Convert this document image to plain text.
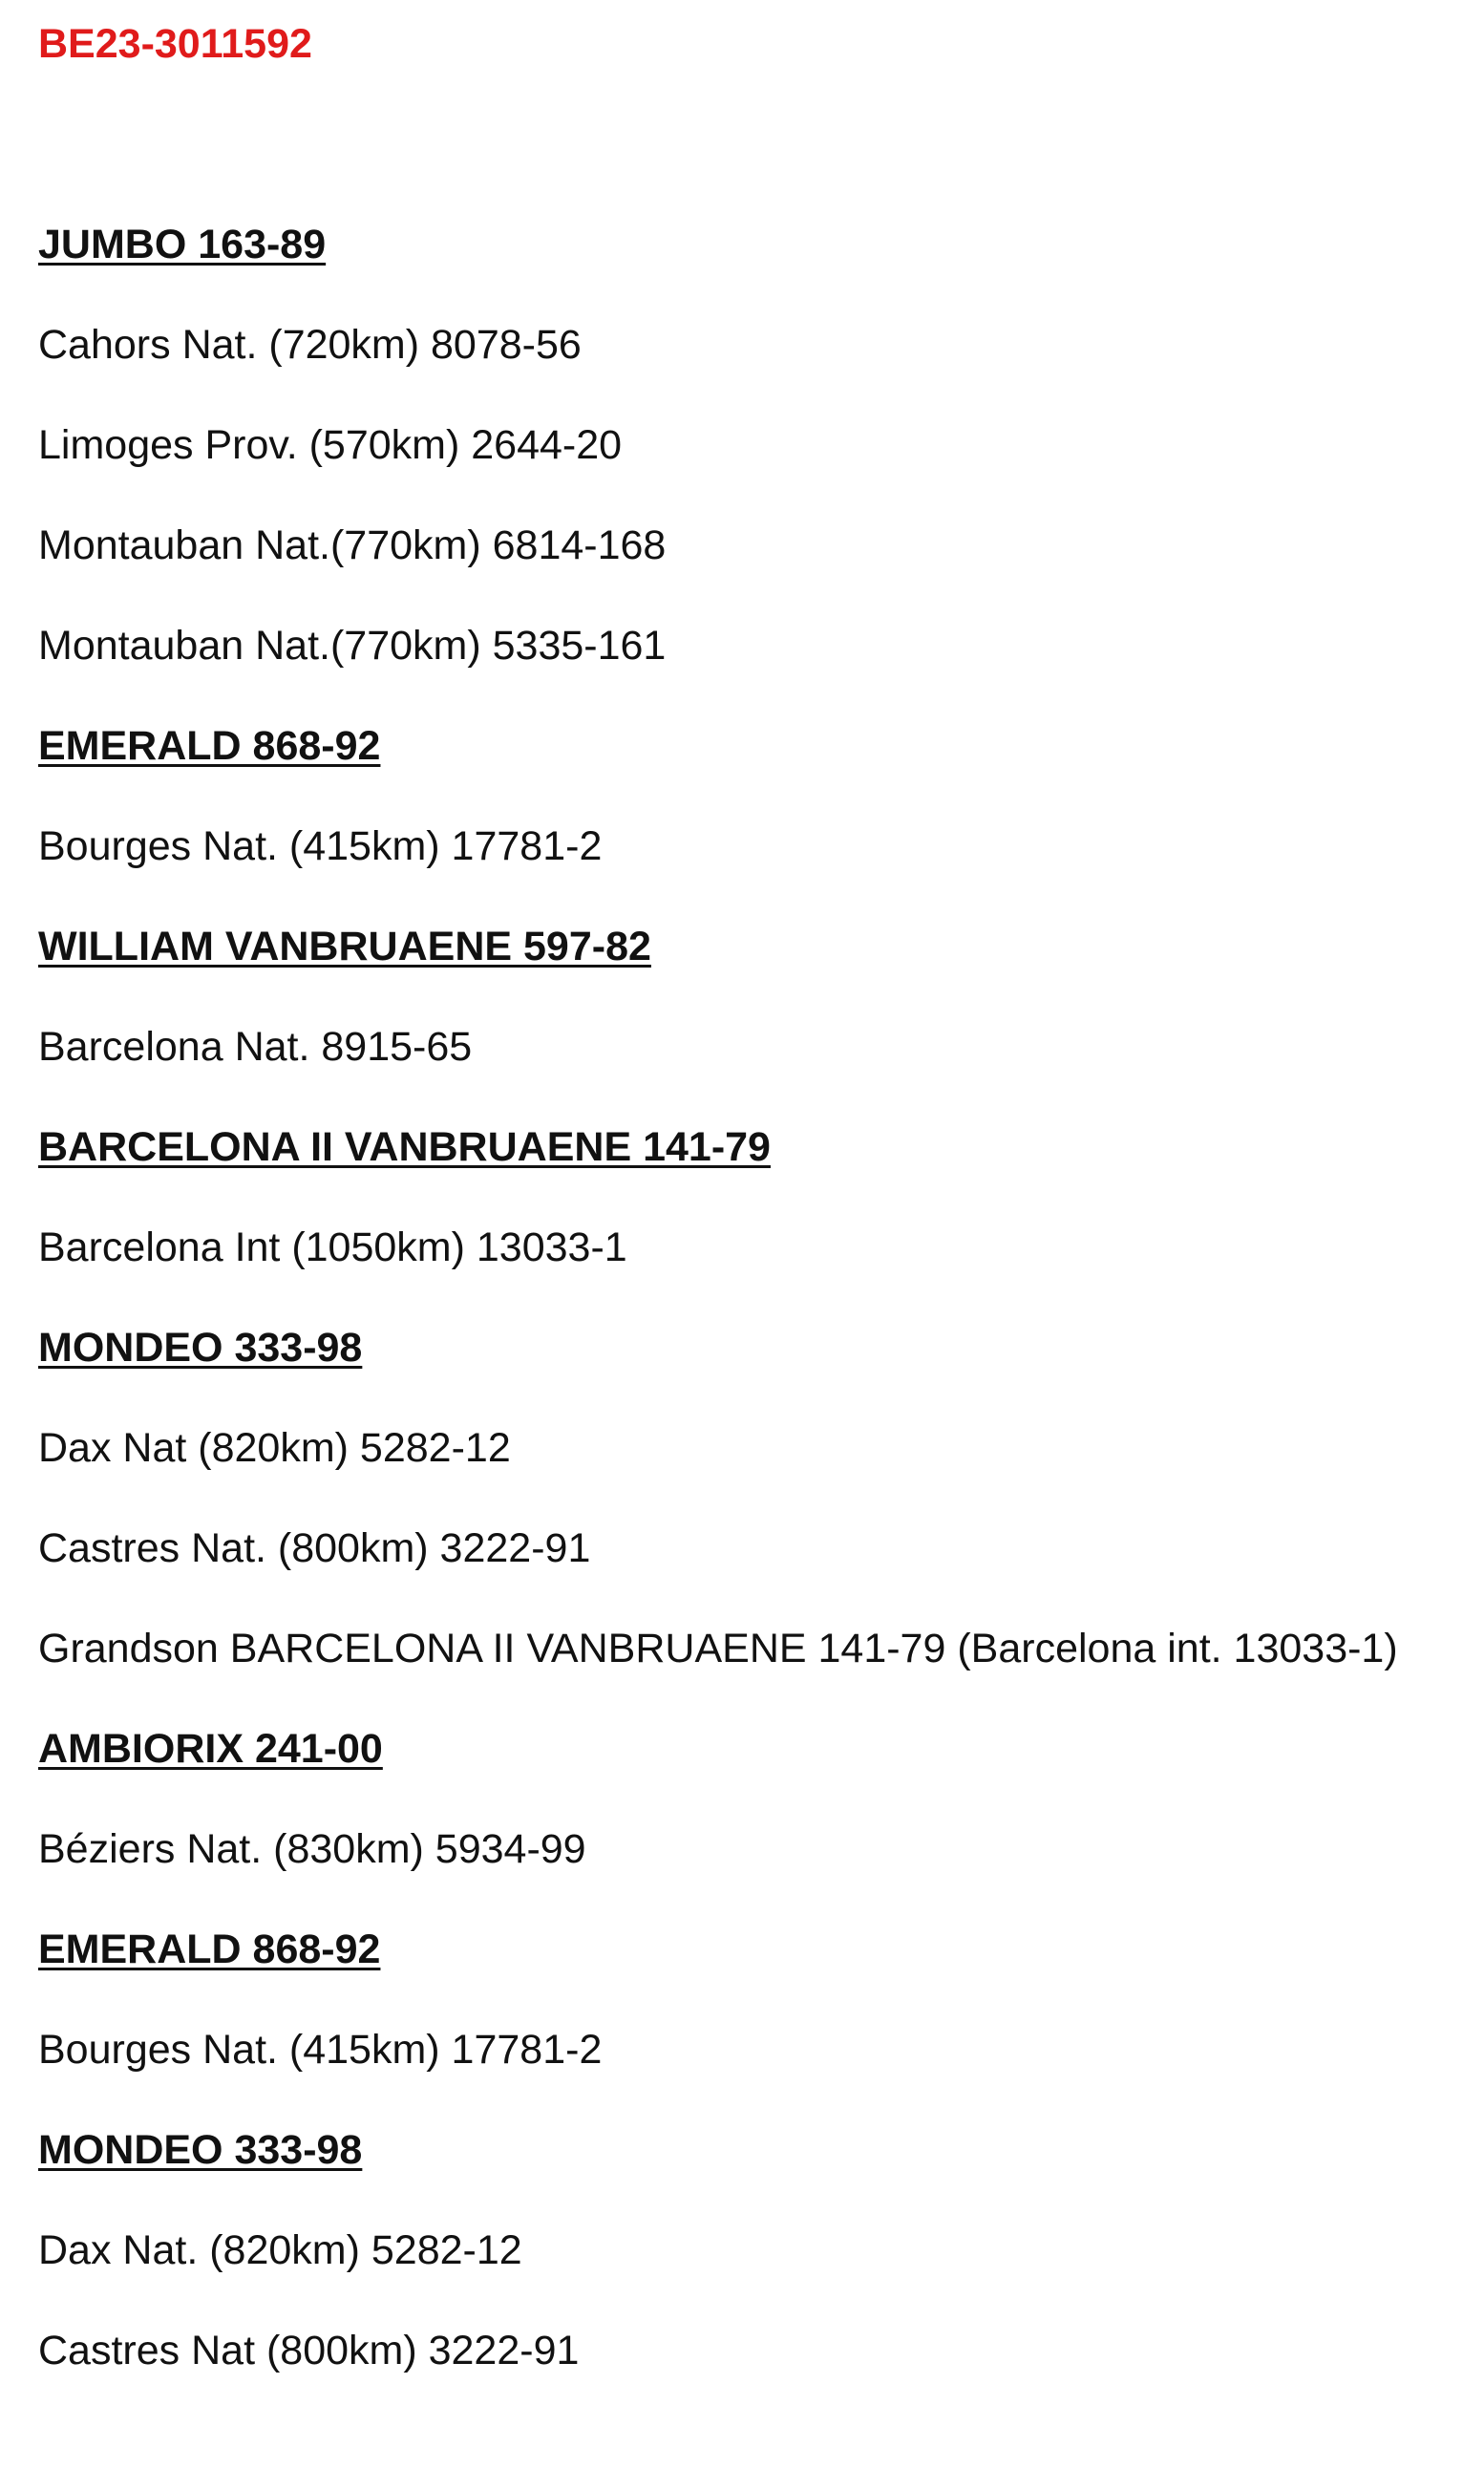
BE23-3011592
JUMBO 163-89
Cahors Nat. (720km) 8078-56
Limoges Prov. (570km) 2644-20
Montauban Nat.(770km) 6814-168
Montauban Nat.(770km) 5335-161
EMERALD 868-92
Bourges Nat. (415km) 17781-2
WILLIAM VANBRUAENE 597-82
Barcelona Nat. 8915-65
BARCELONA II VANBRUAENE 141-79
Barcelona Int (1050km) 13033-1
MONDEO 333-98
Dax Nat (820km) 5282-12
Castres Nat. (800km) 3222-91
Grandson BARCELONA II VANBRUAENE 141-79 (Barcelona int. 13033-1)
AMBIORIX 241-00
Béziers Nat. (830km) 5934-99
EMERALD 868-92
Bourges Nat. (415km) 17781-2
MONDEO 333-98
Dax Nat. (820km) 5282-12
Castres Nat (800km) 3222-91
